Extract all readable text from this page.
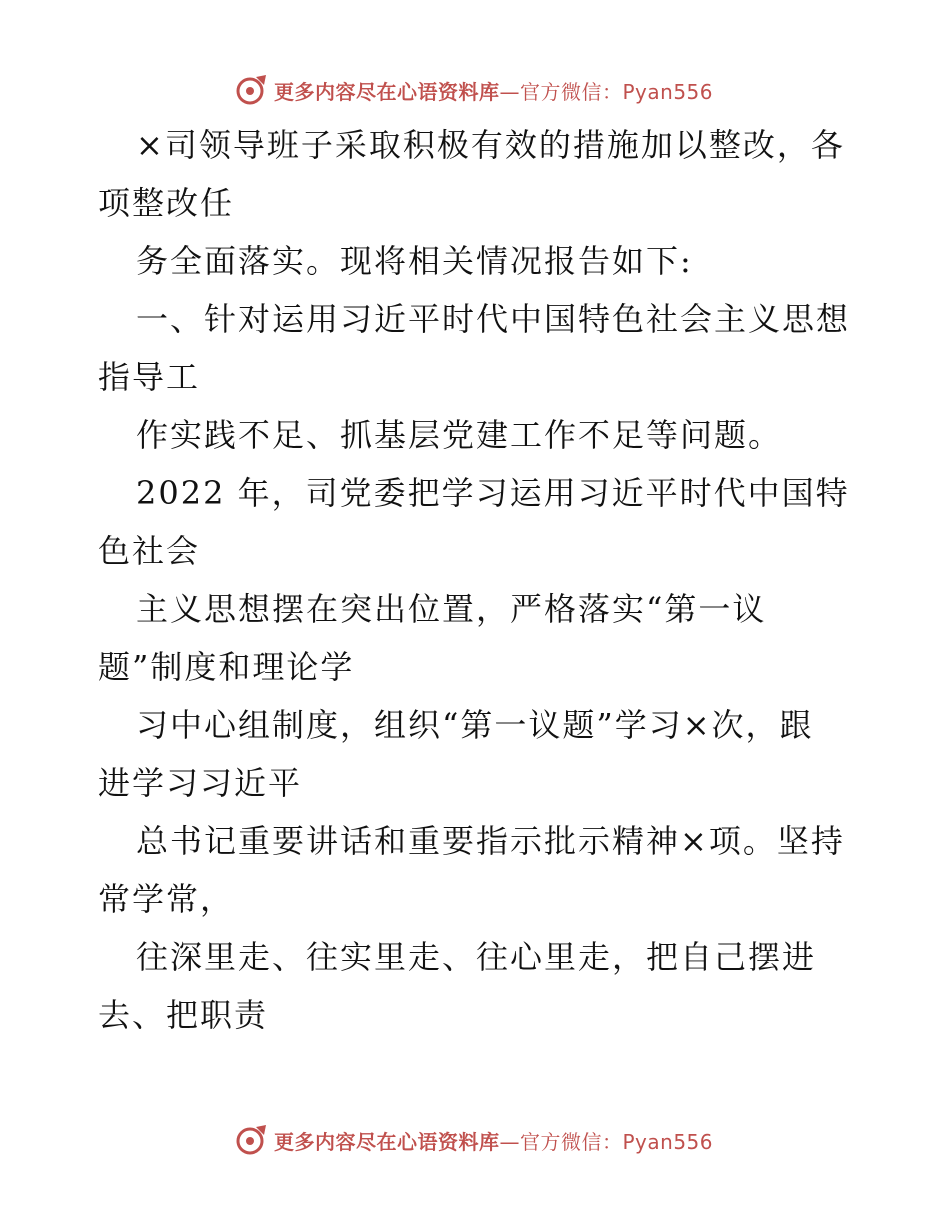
更多内容尽在心语资料库—官方微信：Pyan556
×司领导班子采取积极有效的措施加以整改，各
项整改任
务全面落实。现将相关情况报告如下:
一、针对运用习近平时代中国特色社会主义思想
指导工
作实践不足、抓基层党建工作不足等问题。
2022 年，司党委把学习运用习近平时代中国特
色社会
主义思想摆在突出位置，严格落实“第一议
题”制度和理论学
习中心组制度，组织“第一议题”学习×次，跟
进学习习近平
总书记重要讲话和重要指示批示精神×项。坚持
常学常，
往深里走、往实里走、往心里走，把自己摆进
去、把职责
更多内容尽在心语资料库—官方微信：Pyan556
